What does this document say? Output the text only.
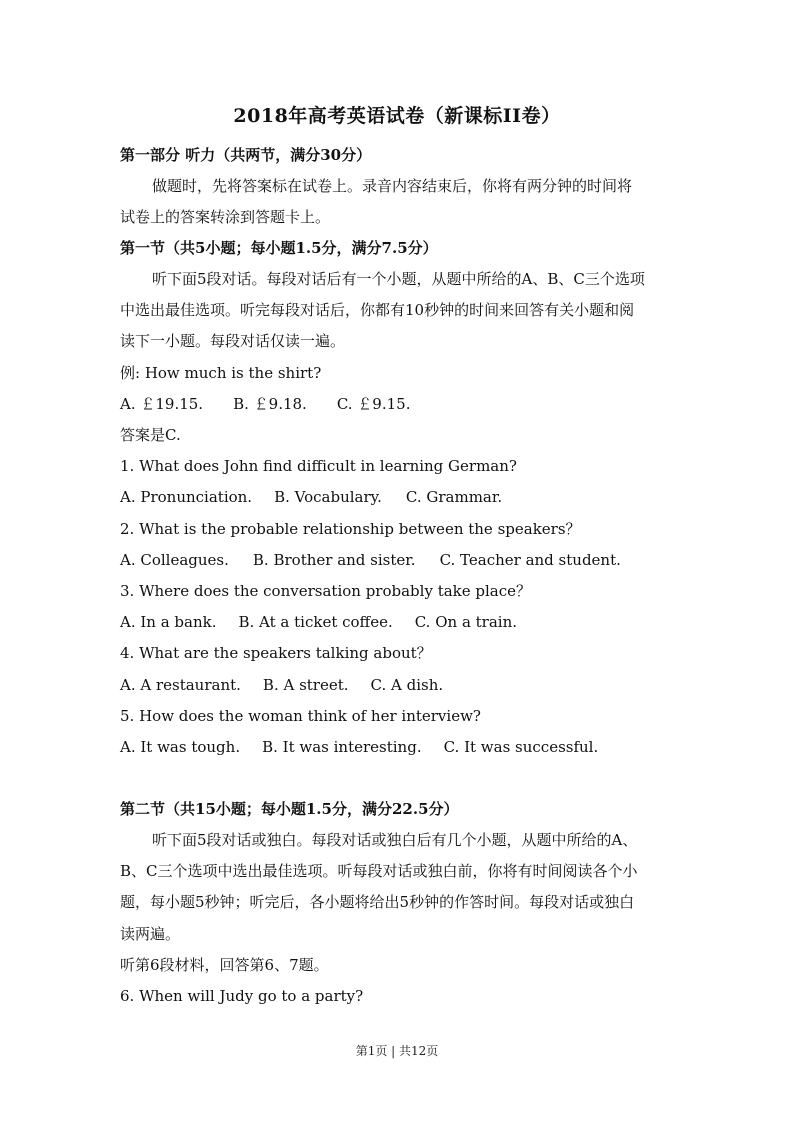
2018年高考英语试卷（新课标II卷）
第一部分 听力（共两节，满分30分）
做题时，先将答案标在试卷上。录音内容结束后，你将有两分钟的时间将
试卷上的答案转涂到答题卡上。
第一节（共5小题；每小题1.5分，满分7.5分）
听下面5段对话。每段对话后有一个小题，从题中所给的A、B、C三个选项
中选出最佳选项。听完每段对话后，你都有10秒钟的时间来回答有关小题和阅
读下一小题。每段对话仅读一遍。
例: How much is the shirt?
A. ￡19.15. B. ￡9.18. C. ￡9.15.
答案是C.
1. What does John find difficult in learning German?
A. Pronunciation. B. Vocabulary. C. Grammar.
2. What is the probable relationship between the speakers？
A. Colleagues. B. Brother and sister. C. Teacher and student.
3. Where does the conversation probably take place？
A. In a bank. B. At a ticket coffee. C. On a train.
4. What are the speakers talking about？
A. A restaurant. B. A street. C. A dish.
5. How does the woman think of her interview?
A. It was tough. B. It was interesting. C. It was successful.
第二节（共15小题；每小题1.5分，满分22.5分）
听下面5段对话或独白。每段对话或独白后有几个小题，从题中所给的A、
B、C三个选项中选出最佳选项。听每段对话或独白前，你将有时间阅读各个小
题，每小题5秒钟；听完后，各小题将给出5秒钟的作答时间。每段对话或独白
读两遍。
听第6段材料，回答第6、7题。
6. When will Judy go to a party?
第1页 | 共12页
